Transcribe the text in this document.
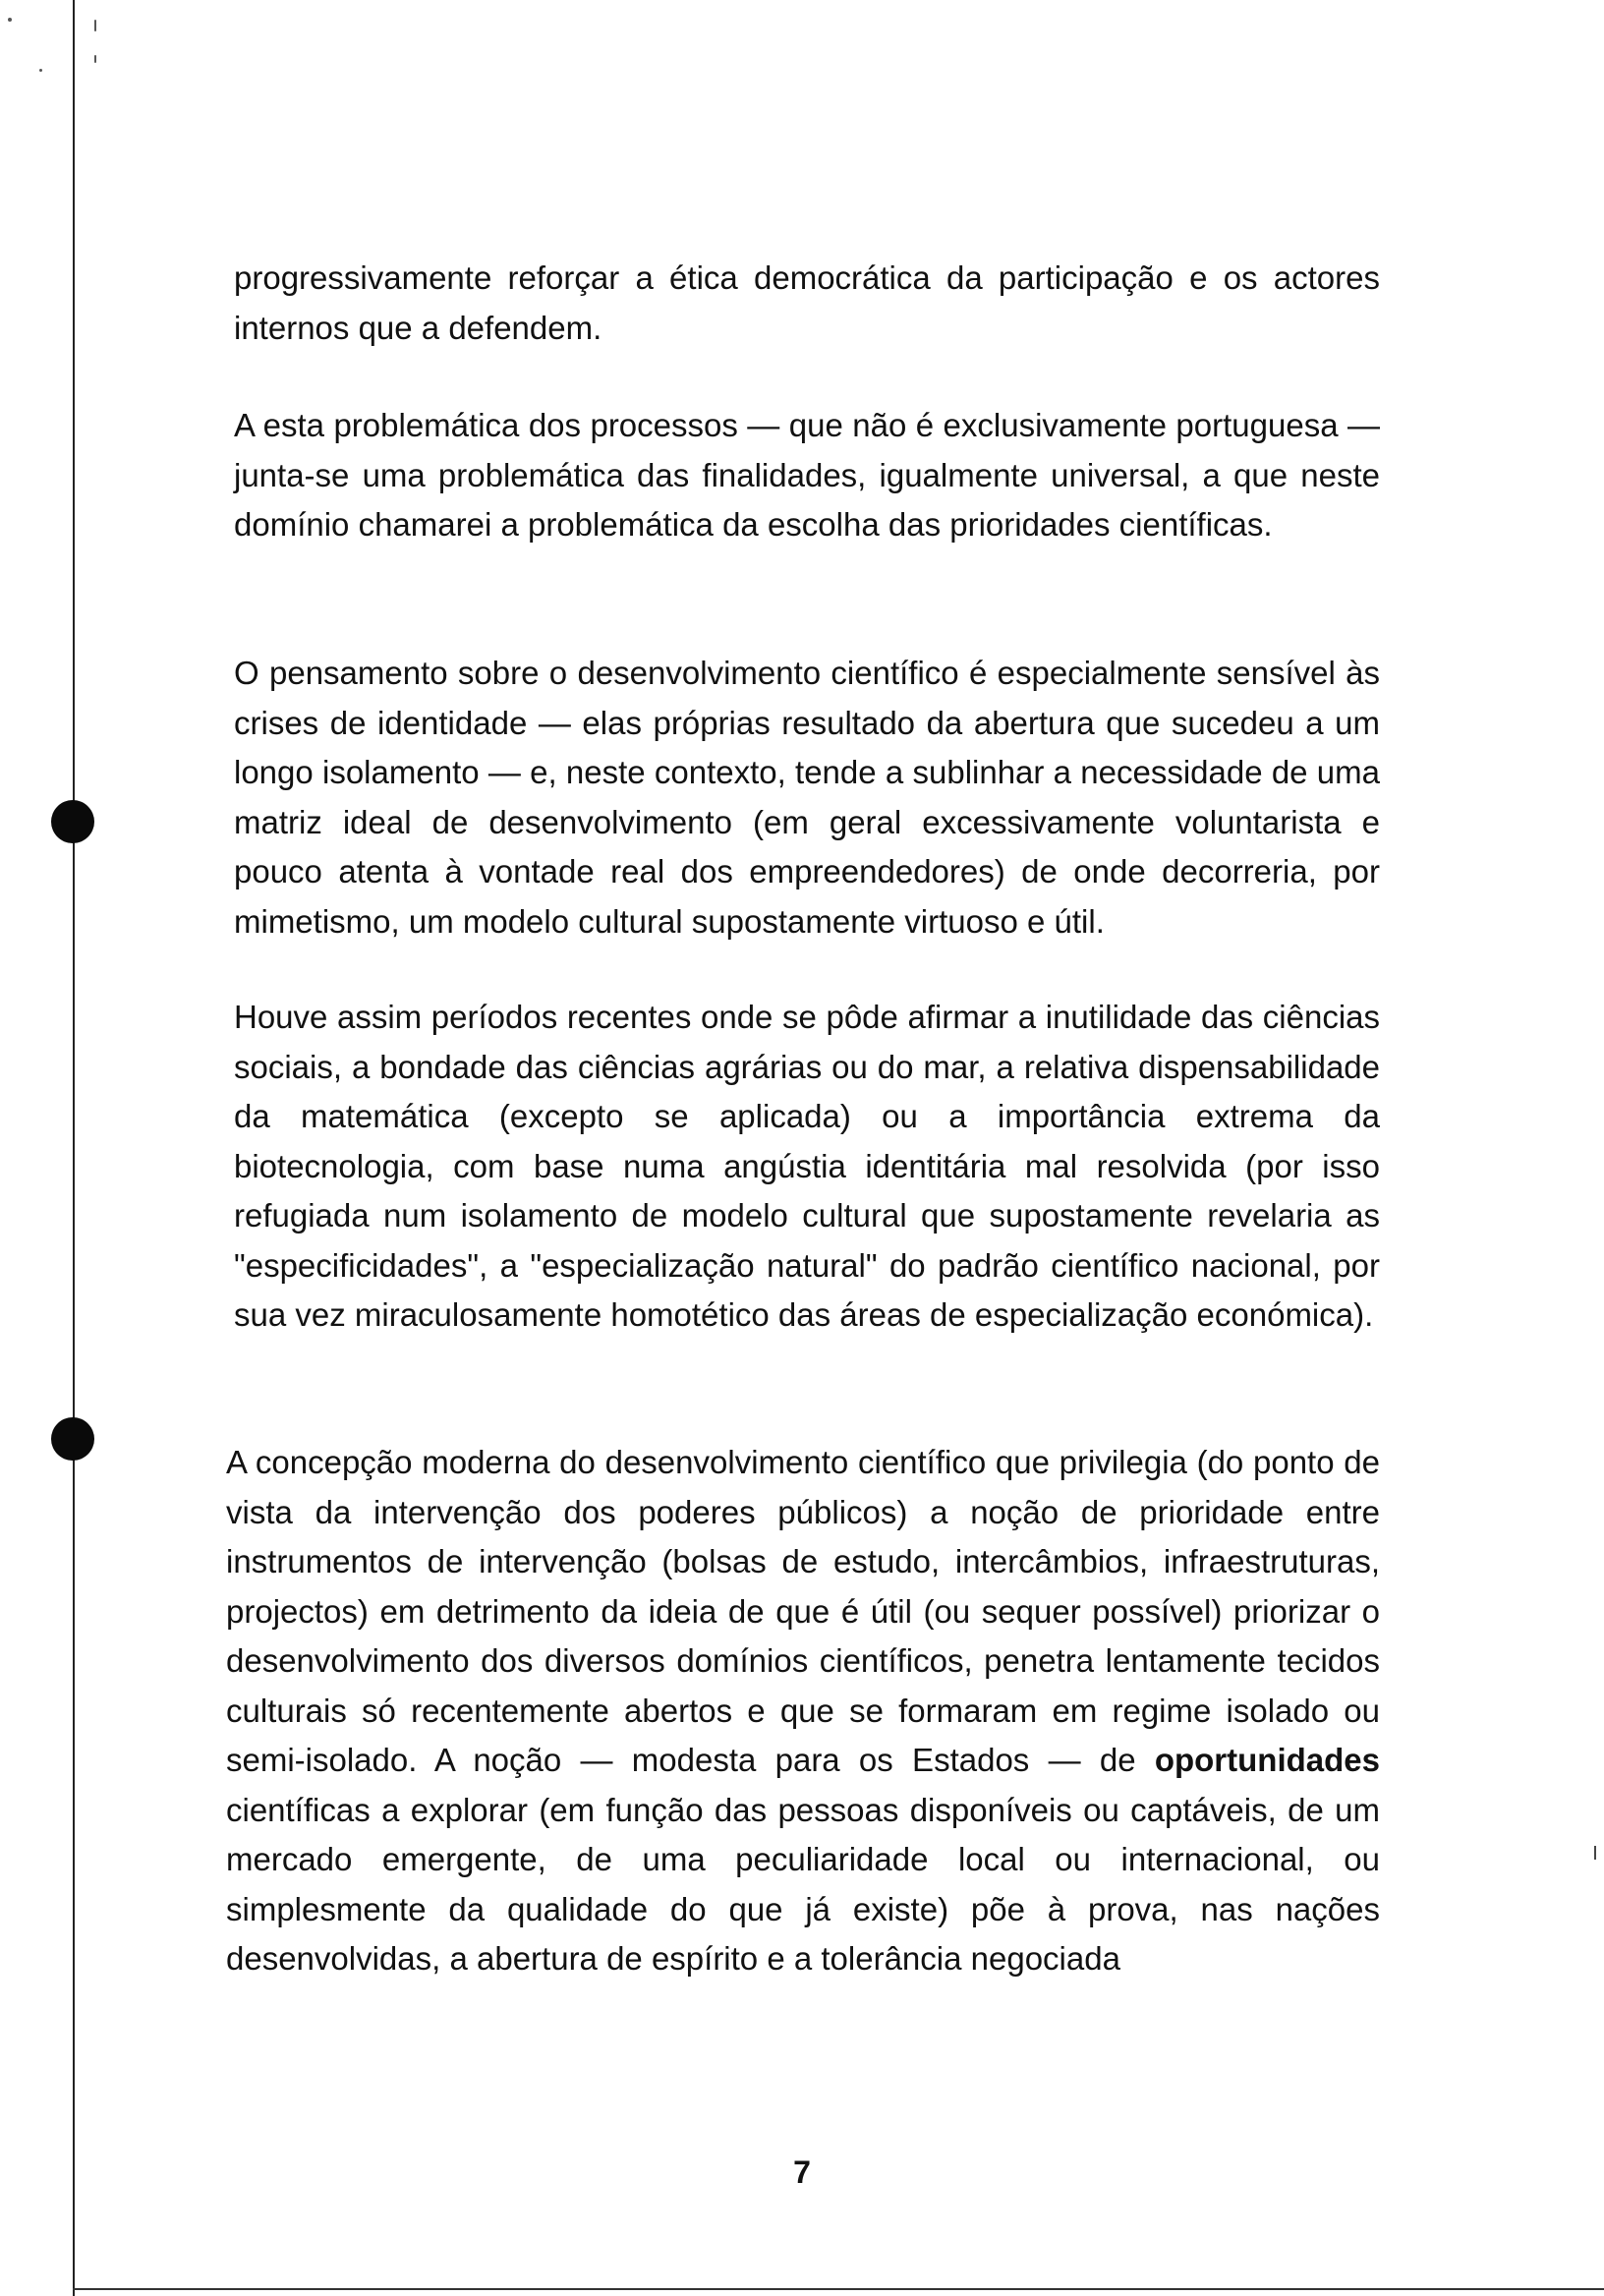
progressivamente reforçar a ética democrática da participação e os actores internos que a defendem.

A esta problemática dos processos — que não é exclusivamente portuguesa — junta-se uma problemática das finalidades, igualmente universal, a que neste domínio chamarei a problemática da escolha das prioridades científicas.

O pensamento sobre o desenvolvimento científico é especialmente sensível às crises de identidade — elas próprias resultado da abertura que sucedeu a um longo isolamento — e, neste contexto, tende a sublinhar a necessidade de uma matriz ideal de desenvolvimento (em geral excessivamente voluntarista e pouco atenta à vontade real dos empreendedores) de onde decorreria, por mimetismo, um modelo cultural supostamente virtuoso e útil.

Houve assim períodos recentes onde se pôde afirmar a inutilidade das ciências sociais, a bondade das ciências agrárias ou do mar, a relativa dispensabilidade da matemática (excepto se aplicada) ou a importância extrema da biotecnologia, com base numa angústia identitária mal resolvida (por isso refugiada num isolamento de modelo cultural que supostamente revelaria as "especificidades", a "especialização natural" do padrão científico nacional, por sua vez miraculosamente homotético das áreas de especialização económica).

A concepção moderna do desenvolvimento científico que privilegia (do ponto de vista da intervenção dos poderes públicos) a noção de prioridade entre instrumentos de intervenção (bolsas de estudo, intercâmbios, infraestruturas, projectos) em detrimento da ideia de que é útil (ou sequer possível) priorizar o desenvolvimento dos diversos domínios científicos, penetra lentamente tecidos culturais só recentemente abertos e que se formaram em regime isolado ou semi-isolado. A noção — modesta para os Estados — de oportunidades científicas a explorar (em função das pessoas disponíveis ou captáveis, de um mercado emergente, de uma peculiaridade local ou internacional, ou simplesmente da qualidade do que já existe) põe à prova, nas nações desenvolvidas, a abertura de espírito e a tolerância negociada

7
